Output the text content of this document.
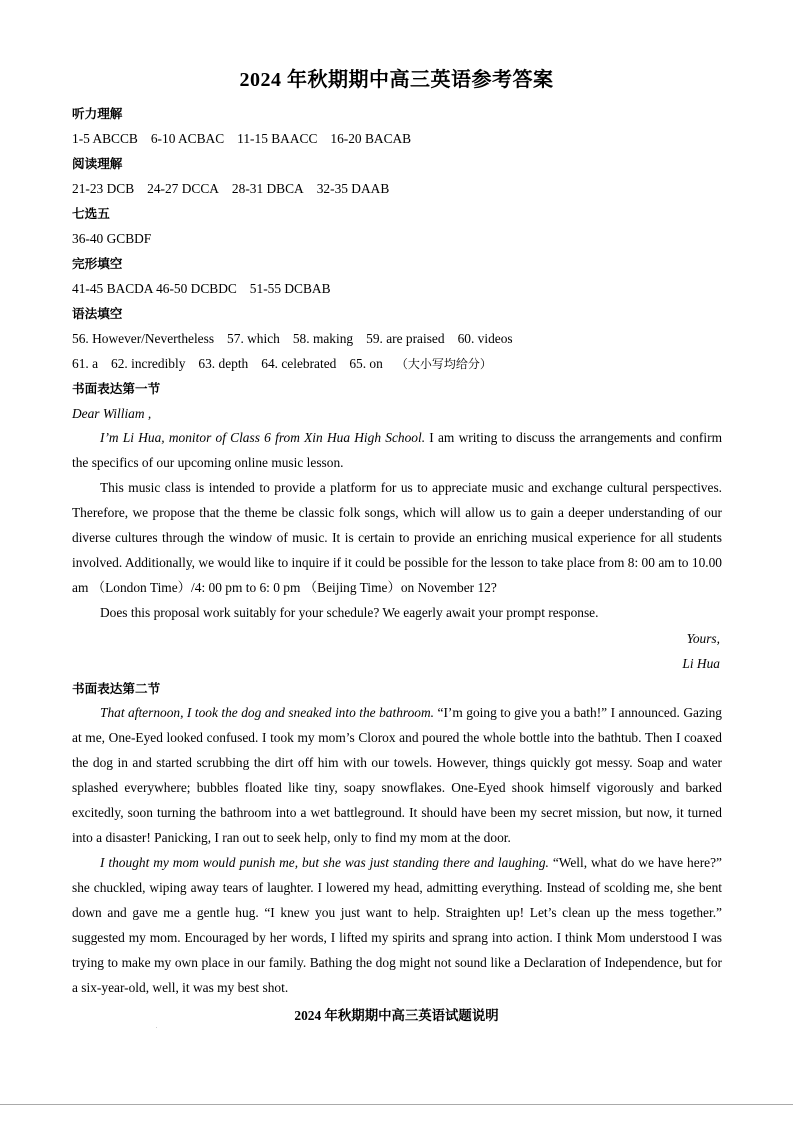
2024 年秋期期中高三英语参考答案
听力理解
1-5 ABCCB 6-10 ACBAC 11-15 BAACC 16-20 BACAB
阅读理解
21-23 DCB 24-27 DCCA 28-31 DBCA 32-35 DAAB
七选五
36-40 GCBDF
完形填空
41-45 BACDA 46-50 DCBDC 51-55 DCBAB
语法填空
56. However/Nevertheless 57. which 58. making 59. are praised 60. videos
61. a 62. incredibly 63. depth 64. celebrated 65. on （大小写均给分）
书面表达第一节
Dear William ,
I’m Li Hua, monitor of Class 6 from Xin Hua High School. I am writing to discuss the arrangements and confirm the specifics of our upcoming online music lesson.
This music class is intended to provide a platform for us to appreciate music and exchange cultural perspectives. Therefore, we propose that the theme be classic folk songs, which will allow us to gain a deeper understanding of our diverse cultures through the window of music. It is certain to provide an enriching musical experience for all students involved. Additionally, we would like to inquire if it could be possible for the lesson to take place from 8: 00 am to 10.00 am （London Time）/4: 00 pm to 6: 0 pm （Beijing Time）on November 12?
Does this proposal work suitably for your schedule? We eagerly await your prompt response.
Yours,
Li Hua
书面表达第二节
That afternoon, I took the dog and sneaked into the bathroom. “I’m going to give you a bath!” I announced. Gazing at me, One-Eyed looked confused. I took my mom’s Clorox and poured the whole bottle into the bathtub. Then I coaxed the dog in and started scrubbing the dirt off him with our towels. However, things quickly got messy. Soap and water splashed everywhere; bubbles floated like tiny, soapy snowflakes. One-Eyed shook himself vigorously and barked excitedly, soon turning the bathroom into a wet battleground. It should have been my secret mission, but now, it turned into a disaster! Panicking, I ran out to seek help, only to find my mom at the door.
I thought my mom would punish me, but she was just standing there and laughing. “Well, what do we have here?” she chuckled, wiping away tears of laughter. I lowered my head, admitting everything. Instead of scolding me, she bent down and gave me a gentle hug. “I knew you just want to help. Straighten up! Let’s clean up the mess together.” suggested my mom. Encouraged by her words, I lifted my spirits and sprang into action. I think Mom understood I was trying to make my own place in our family. Bathing the dog might not sound like a Declaration of Independence, but for a six-year-old, well, it was my best shot.
2024 年秋期期中高三英语试题说明
